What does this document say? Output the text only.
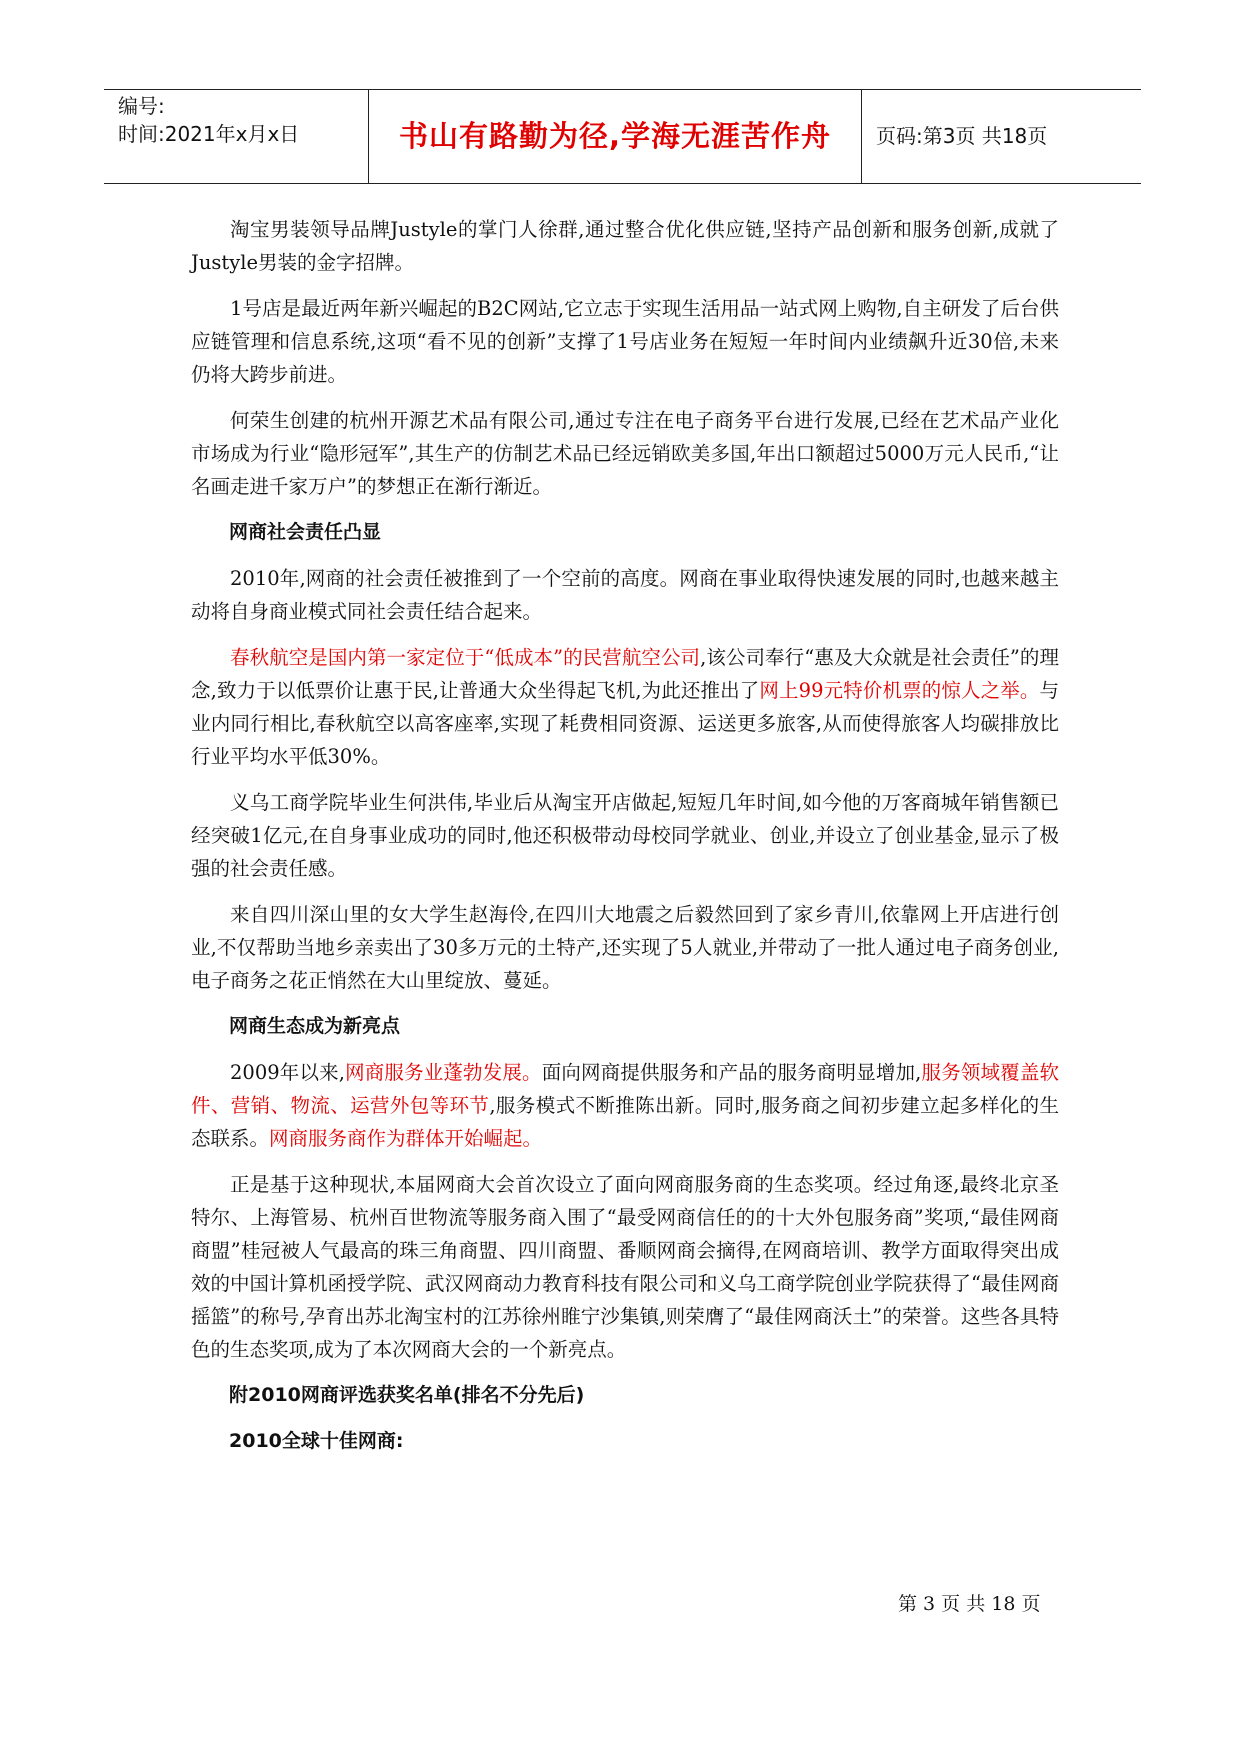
编号:
时间:2021年x月x日	书山有路勤为径,学海无涯苦作舟	页码:第3页 共18页

淘宝男装领导品牌Justyle的掌门人徐群,通过整合优化供应链,坚持产品创新和服务创新,成就了Justyle男装的金字招牌。

1号店是最近两年新兴崛起的B2C网站,它立志于实现生活用品一站式网上购物,自主研发了后台供应链管理和信息系统,这项“看不见的创新”支撑了1号店业务在短短一年时间内业绩飙升近30倍,未来仍将大跨步前进。

何荣生创建的杭州开源艺术品有限公司,通过专注在电子商务平台进行发展,已经在艺术品产业化市场成为行业“隐形冠军”,其生产的仿制艺术品已经远销欧美多国,年出口额超过5000万元人民币,“让名画走进千家万户”的梦想正在渐行渐近。

网商社会责任凸显

2010年,网商的社会责任被推到了一个空前的高度。网商在事业取得快速发展的同时,也越来越主动将自身商业模式同社会责任结合起来。

春秋航空是国内第一家定位于“低成本”的民营航空公司,该公司奉行“惠及大众就是社会责任”的理念,致力于以低票价让惠于民,让普通大众坐得起飞机,为此还推出了网上99元特价机票的惊人之举。与业内同行相比,春秋航空以高客座率,实现了耗费相同资源、运送更多旅客,从而使得旅客人均碳排放比行业平均水平低30%。

义乌工商学院毕业生何洪伟,毕业后从淘宝开店做起,短短几年时间,如今他的万客商城年销售额已经突破1亿元,在自身事业成功的同时,他还积极带动母校同学就业、创业,并设立了创业基金,显示了极强的社会责任感。

来自四川深山里的女大学生赵海伶,在四川大地震之后毅然回到了家乡青川,依靠网上开店进行创业,不仅帮助当地乡亲卖出了30多万元的土特产,还实现了5人就业,并带动了一批人通过电子商务创业,电子商务之花正悄然在大山里绽放、蔓延。

网商生态成为新亮点

2009年以来,网商服务业蓬勃发展。面向网商提供服务和产品的服务商明显增加,服务领域覆盖软件、营销、物流、运营外包等环节,服务模式不断推陈出新。同时,服务商之间初步建立起多样化的生态联系。网商服务商作为群体开始崛起。

正是基于这种现状,本届网商大会首次设立了面向网商服务商的生态奖项。经过角逐,最终北京圣特尔、上海管易、杭州百世物流等服务商入围了“最受网商信任的的十大外包服务商”奖项,“最佳网商商盟”桂冠被人气最高的珠三角商盟、四川商盟、番顺网商会摘得,在网商培训、教学方面取得突出成效的中国计算机函授学院、武汉网商动力教育科技有限公司和义乌工商学院创业学院获得了“最佳网商摇篮”的称号,孕育出苏北淘宝村的江苏徐州睢宁沙集镇,则荣膺了“最佳网商沃土”的荣誉。这些各具特色的生态奖项,成为了本次网商大会的一个新亮点。

附2010网商评选获奖名单(排名不分先后)

2010全球十佳网商:

第 3 页 共 18 页
